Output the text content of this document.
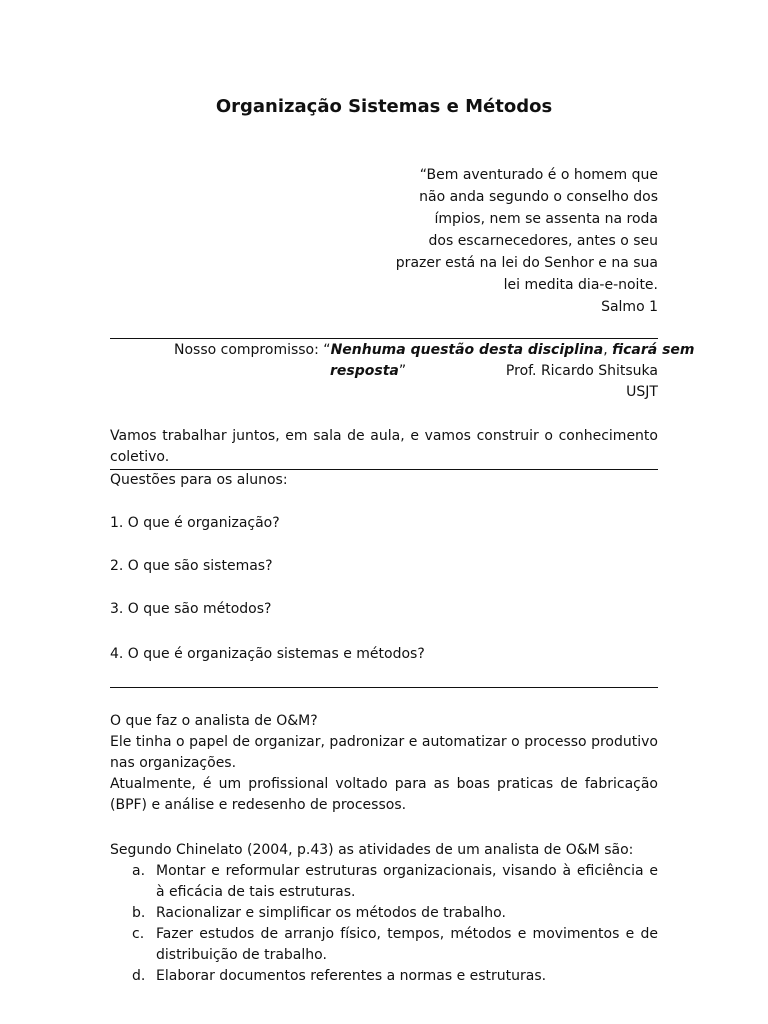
Organização Sistemas e Métodos
“Bem aventurado é o homem que
não anda segundo o conselho dos
ímpios, nem se assenta na roda
dos escarnecedores, antes o seu
prazer está na lei do Senhor e na sua
lei medita dia-e-noite.
Salmo 1
Nosso compromisso: “Nenhuma questão desta disciplina, ficará sem
resposta”	Prof. Ricardo Shitsuka
USJT
Vamos trabalhar juntos, em sala de aula, e vamos construir o conhecimento coletivo.
Questões para os alunos:
1. O que é organização?
2. O que são sistemas?
3. O que são métodos?
4. O que é organização sistemas e métodos?
O que faz o analista de O&M?
Ele tinha o papel de organizar, padronizar e automatizar o processo produtivo nas organizações.
Atualmente, é um profissional voltado para as boas praticas de fabricação (BPF) e análise e redesenho de processos.
Segundo Chinelato (2004, p.43) as atividades de um analista de O&M são:
a. Montar e reformular estruturas organizacionais, visando à eficiência e à eficácia de tais estruturas.
b. Racionalizar e simplificar os métodos de trabalho.
c. Fazer estudos de arranjo físico, tempos, métodos e movimentos e de distribuição de trabalho.
d. Elaborar documentos referentes a normas e estruturas.
